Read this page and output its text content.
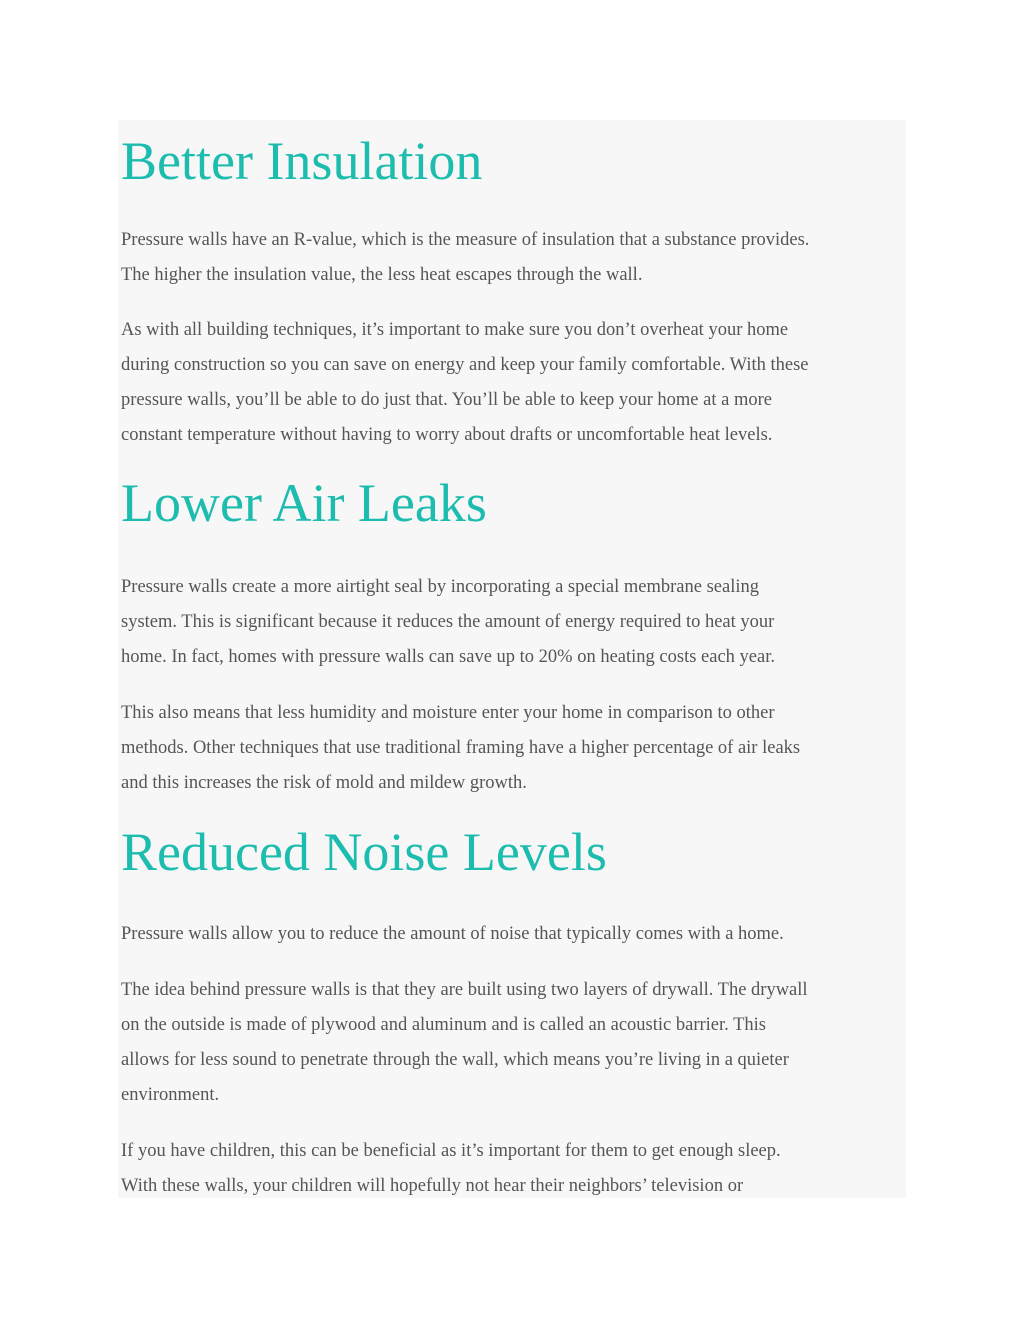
Better Insulation

Pressure walls have an R-value, which is the measure of insulation that a substance provides.
The higher the insulation value, the less heat escapes through the wall.

As with all building techniques, it’s important to make sure you don’t overheat your home
during construction so you can save on energy and keep your family comfortable. With these
pressure walls, you’ll be able to do just that. You’ll be able to keep your home at a more
constant temperature without having to worry about drafts or uncomfortable heat levels.

Lower Air Leaks

Pressure walls create a more airtight seal by incorporating a special membrane sealing
system. This is significant because it reduces the amount of energy required to heat your
home. In fact, homes with pressure walls can save up to 20% on heating costs each year.

This also means that less humidity and moisture enter your home in comparison to other
methods. Other techniques that use traditional framing have a higher percentage of air leaks
and this increases the risk of mold and mildew growth.

Reduced Noise Levels

Pressure walls allow you to reduce the amount of noise that typically comes with a home.

The idea behind pressure walls is that they are built using two layers of drywall. The drywall
on the outside is made of plywood and aluminum and is called an acoustic barrier. This
allows for less sound to penetrate through the wall, which means you’re living in a quieter
environment.

If you have children, this can be beneficial as it’s important for them to get enough sleep.
With these walls, your children will hopefully not hear their neighbors’ television or
